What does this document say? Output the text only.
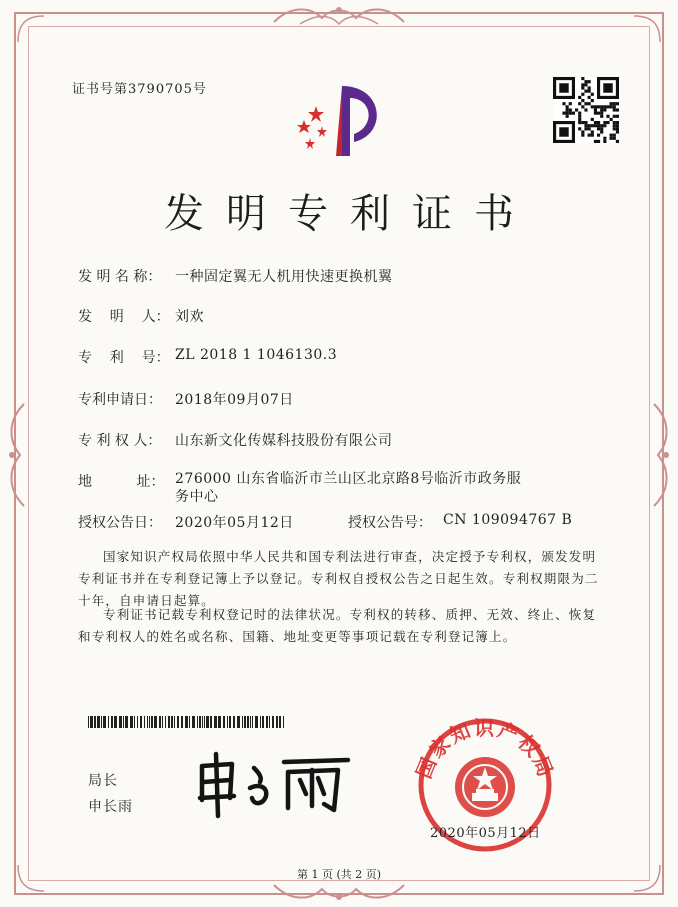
证书号第3790705号
发明专利证书
发 明 名 称： 一种固定翼无人机用快速更换机翼
发    明    人： 刘欢
专    利    号： ZL 2018 1 1046130.3
专利申请日： 2018年09月07日
专 利 权 人： 山东新文化传媒科技股份有限公司
地          址： 276000 山东省临沂市兰山区北京路8号临沂市政务服务中心
授权公告日： 2020年05月12日	授权公告号： CN 109094767 B
国家知识产权局依照中华人民共和国专利法进行审查，决定授予专利权，颁发发明专利证书并在专利登记簿上予以登记。专利权自授权公告之日起生效。专利权期限为二十年，自申请日起算。
专利证书记载专利权登记时的法律状况。专利权的转移、质押、无效、终止、恢复和专利权人的姓名或名称、国籍、地址变更等事项记载在专利登记簿上。
局长
申长雨
国家知识产权局
2020年05月12日
第 1 页 (共 2 页)
